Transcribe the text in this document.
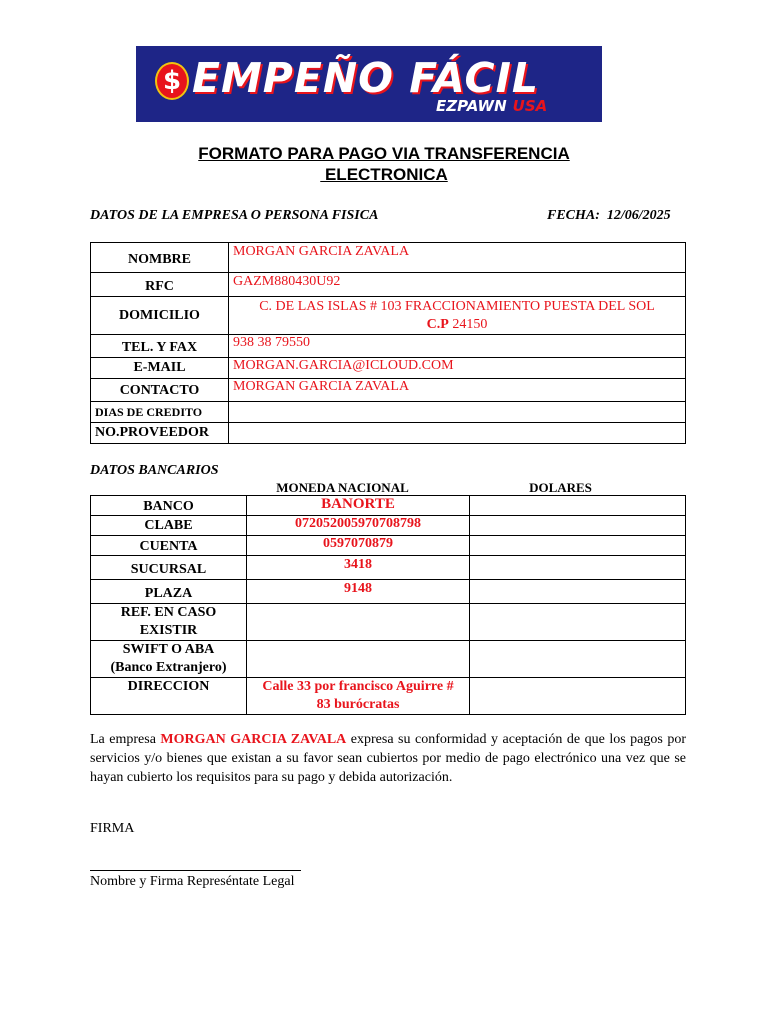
$ EMPEÑO FÁCIL
EZPAWN USA
FORMATO PARA PAGO VIA TRANSFERENCIA
ELECTRONICA
DATOS DE LA EMPRESA O PERSONA FISICA	FECHA: 12/06/2025
NOMBRE	MORGAN GARCIA ZAVALA
RFC	GAZM880430U92
DOMICILIO	C. DE LAS ISLAS # 103 FRACCIONAMIENTO PUESTA DEL SOL
C.P 24150
TEL. Y FAX	938 38 79550
E-MAIL	MORGAN.GARCIA@ICLOUD.COM
CONTACTO	MORGAN GARCIA ZAVALA
DIAS DE CREDITO	
NO.PROVEEDOR	
DATOS BANCARIOS
MONEDA NACIONAL	DOLARES
BANCO	BANORTE	
CLABE	072052005970708798	
CUENTA	0597070879	
SUCURSAL	3418	
PLAZA	9148	
REF. EN CASO
EXISTIR		
SWIFT O ABA
(Banco Extranjero)		
DIRECCION	Calle 33 por francisco Aguirre #
83 burócratas	
La empresa MORGAN GARCIA ZAVALA expresa su conformidad y aceptación de que los pagos por servicios y/o bienes que existan a su favor sean cubiertos por medio de pago electrónico una vez que se hayan cubierto los requisitos para su pago y debida autorización.
FIRMA
Nombre y Firma Represéntate Legal
